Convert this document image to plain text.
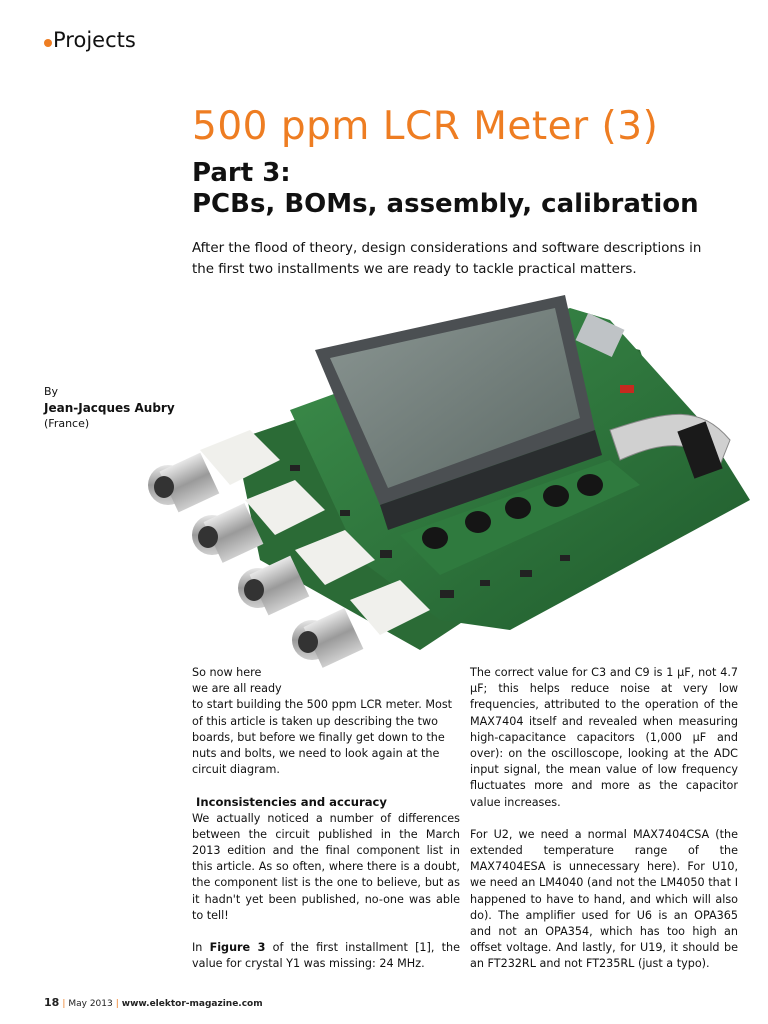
Projects
500 ppm LCR Meter (3)
Part 3:
PCBs, BOMs, assembly, calibration
After the flood of theory, design considerations and software descriptions in the first two installments we are ready to tackle practical matters.
By
Jean-Jacques Aubry
(France)

So now here
we are all ready
to start building the 500 ppm LCR meter. Most of this article is taken up describing the two boards, but before we finally get down to the nuts and bolts, we need to look again at the circuit diagram.

Inconsistencies and accuracy

We actually noticed a number of differences between the circuit published in the March 2013 edition and the final component list in this article. As so often, where there is a doubt, the component list is the one to believe, but as it hadn't yet been published, no-one was able to tell!

In Figure 3 of the first installment [1], the value for crystal Y1 was missing: 24 MHz.

The correct value for C3 and C9 is 1 µF, not 4.7 µF; this helps reduce noise at very low frequencies, attributed to the operation of the MAX7404 itself and revealed when measuring high-capacitance capacitors (1,000 µF and over): on the oscilloscope, looking at the ADC input signal, the mean value of low frequency fluctuates more and more as the capacitor value increases.

For U2, we need a normal MAX7404CSA (the extended temperature range of the MAX7404ESA is unnecessary here). For U10, we need an LM4040 (and not the LM4050 that I happened to have to hand, and which will also do). The amplifier used for U6 is an OPA365 and not an OPA354, which has too high an offset voltage. And lastly, for U19, it should be an FT232RL and not FT235RL (just a typo).

18 | May 2013 | www.elektor-magazine.com
